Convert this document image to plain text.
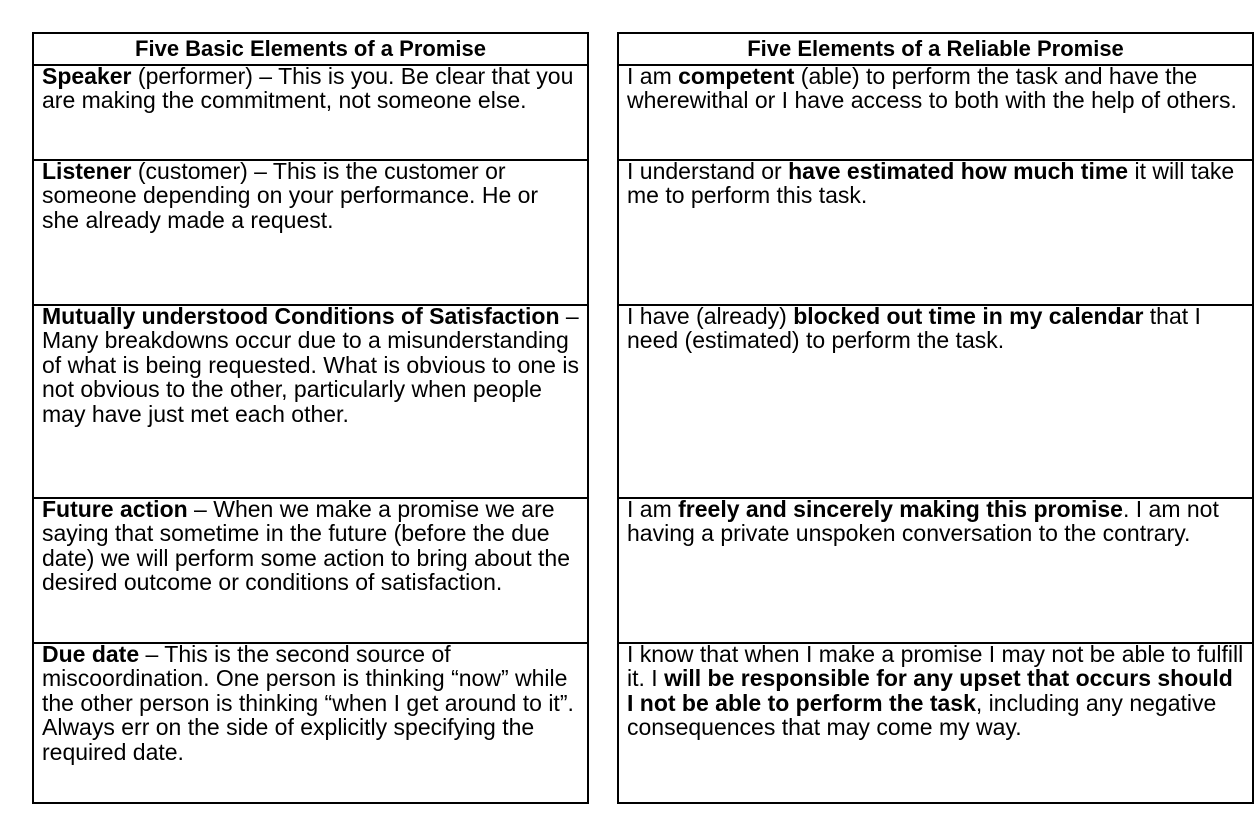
Five Basic Elements of a Promise
Speaker (performer) – This is you. Be clear that you are making the commitment, not someone else.
Listener (customer) – This is the customer or someone depending on your performance. He or she already made a request.
Mutually understood Conditions of Satisfaction – Many breakdowns occur due to a misunderstanding of what is being requested. What is obvious to one is not obvious to the other, particularly when people may have just met each other.
Future action – When we make a promise we are saying that sometime in the future (before the due date) we will perform some action to bring about the desired outcome or conditions of satisfaction.
Due date – This is the second source of miscoordination. One person is thinking “now” while the other person is thinking “when I get around to it”. Always err on the side of explicitly specifying the required date.
Five Elements of a Reliable Promise
I am competent (able) to perform the task and have the wherewithal or I have access to both with the help of others.
I understand or have estimated how much time it will take me to perform this task.
I have (already) blocked out time in my calendar that I need (estimated) to perform the task.
I am freely and sincerely making this promise. I am not having a private unspoken conversation to the contrary.
I know that when I make a promise I may not be able to fulfill it. I will be responsible for any upset that occurs should I not be able to perform the task, including any negative consequences that may come my way.
